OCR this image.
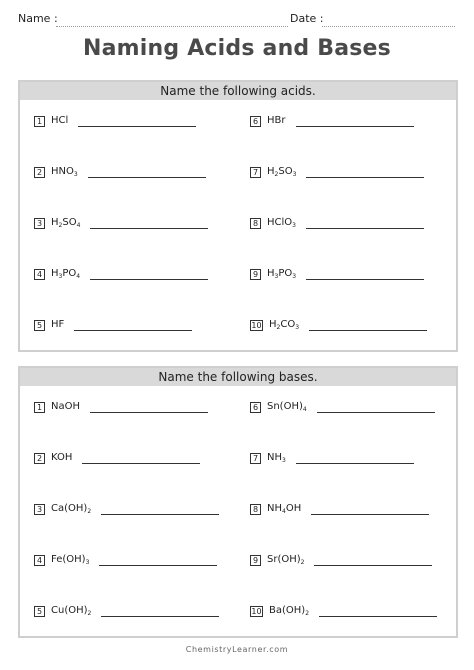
Name :	Date :
Naming Acids and Bases
Name the following acids.
1 HCl
2 $HNO_3$
3 $H_2SO_4$
4 $H_3PO_4$
5 HF
6 HBr
7 $H_2SO_3$
8 HClO$_3$
9 $H_3PO_3$
10 $H_2CO_3$
Name the following bases.
1 NaOH
2 KOH
3 $Ca(OH)_2$
4 $Fe(OH)_3$
5 $Cu(OH)_2$
6 $Sn(OH)_4$
7 $NH_3$
8 $NH_4OH$
9 $Sr(OH)_2$
10 $Ba(OH)_2$
ChemistryLearner.com
